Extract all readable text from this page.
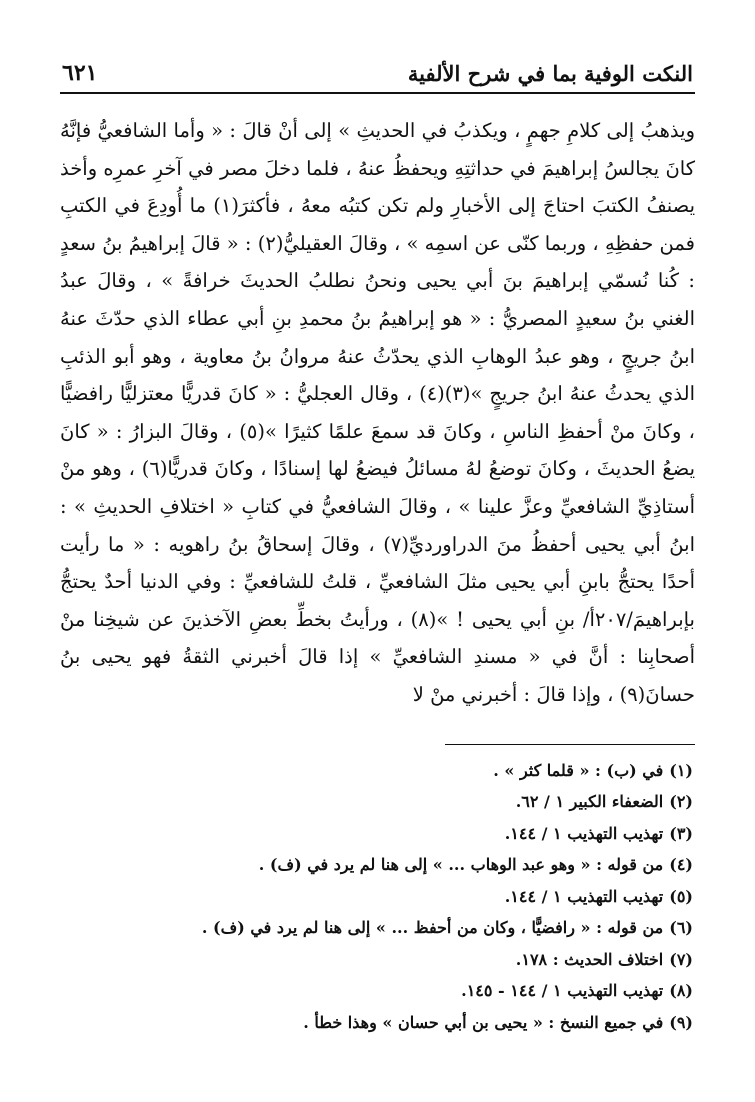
النكت الوفية بما في شرح الألفية
٦٢١

ويذهبُ إلى كلامِ جهمٍ ، ويكذبُ في الحديثِ » إلى أنْ قالَ : « وأما الشافعيُّ فإنَّهُ كانَ يجالسُ إبراهيمَ في حداثتِهِ ويحفظُ عنهُ ، فلما دخلَ مصر في آخرِ عمرِه وأخذ يصنفُ الكتبَ احتاجَ إلى الأخبارِ ولم تكن كتبُه معهُ ، فأكثرَ(١) ما أُودِعَ في الكتبِ فمن حفظِهِ ، وربما كنّى عن اسمِه » ، وقالَ العقيليُّ(٢) : « قالَ إبراهيمُ بنُ سعدٍ : كُنا نُسمّي إبراهيمَ بنَ أبي يحيى ونحنُ نطلبُ الحديثَ خرافةً » ، وقالَ عبدُ الغني بنُ سعيدٍ المصريُّ : « هو إبراهيمُ بنُ محمدِ بنِ أبي عطاء الذي حدّثَ عنهُ ابنُ جريجٍ ، وهو عبدُ الوهابِ الذي يحدّثُ عنهُ مروانُ بنُ معاوية ، وهو أبو الذئبِ الذي يحدثُ عنهُ ابنُ جريجٍ »(٣)(٤) ، وقال العجليُّ : « كانَ قدريًّا معتزليًّا رافضيًّا ، وكانَ منْ أحفظِ الناسِ ، وكانَ قد سمعَ علمًا كثيرًا »(٥) ، وقالَ البزارُ : « كانَ يضعُ الحديثَ ، وكانَ توضعُ لهُ مسائلُ فيضعُ لها إسنادًا ، وكانَ قدريًّا(٦) ، وهو منْ أستاذِيِّ الشافعيِّ وعزَّ علينا » ، وقالَ الشافعيُّ في كتابِ « اختلافِ الحديثِ » : ابنُ أبي يحيى أحفظُ منَ الدراورديِّ(٧) ، وقالَ إسحاقُ بنُ راهويه : « ما رأيت أحدًا يحتجُّ بابنِ أبي يحيى مثلَ الشافعيِّ ، قلتُ للشافعيِّ : وفي الدنيا أحدٌ يحتجُّ بإبراهيمَ/٢٠٧أ/ بنِ أبي يحيى ! »(٨) ، ورأيتُ بخطِّ بعضِ الآخذينَ عن شيخِنا منْ أصحابِنا : أنَّ في « مسندِ الشافعيِّ » إذا قالَ أخبرني الثقةُ فهو يحيى بنُ حسانَ(٩) ، وإذا قالَ : أخبرني منْ لا

(١)في (ب) : « قلما كثر » .
(٢)الضعفاء الكبير ١ / ٦٢.
(٣)تهذيب التهذيب ١ / ١٤٤.
(٤)من قوله : « وهو عبد الوهاب ... » إلى هنا لم يرد في (ف) .
(٥)تهذيب التهذيب ١ / ١٤٤.
(٦)من قوله : « رافضيًّا ، وكان من أحفظ ... » إلى هنا لم يرد في (ف) .
(٧)اختلاف الحديث : ١٧٨.
(٨)تهذيب التهذيب ١ / ١٤٤ - ١٤٥.
(٩)في جميع النسخ : « يحيى بن أبي حسان » وهذا خطأ .
